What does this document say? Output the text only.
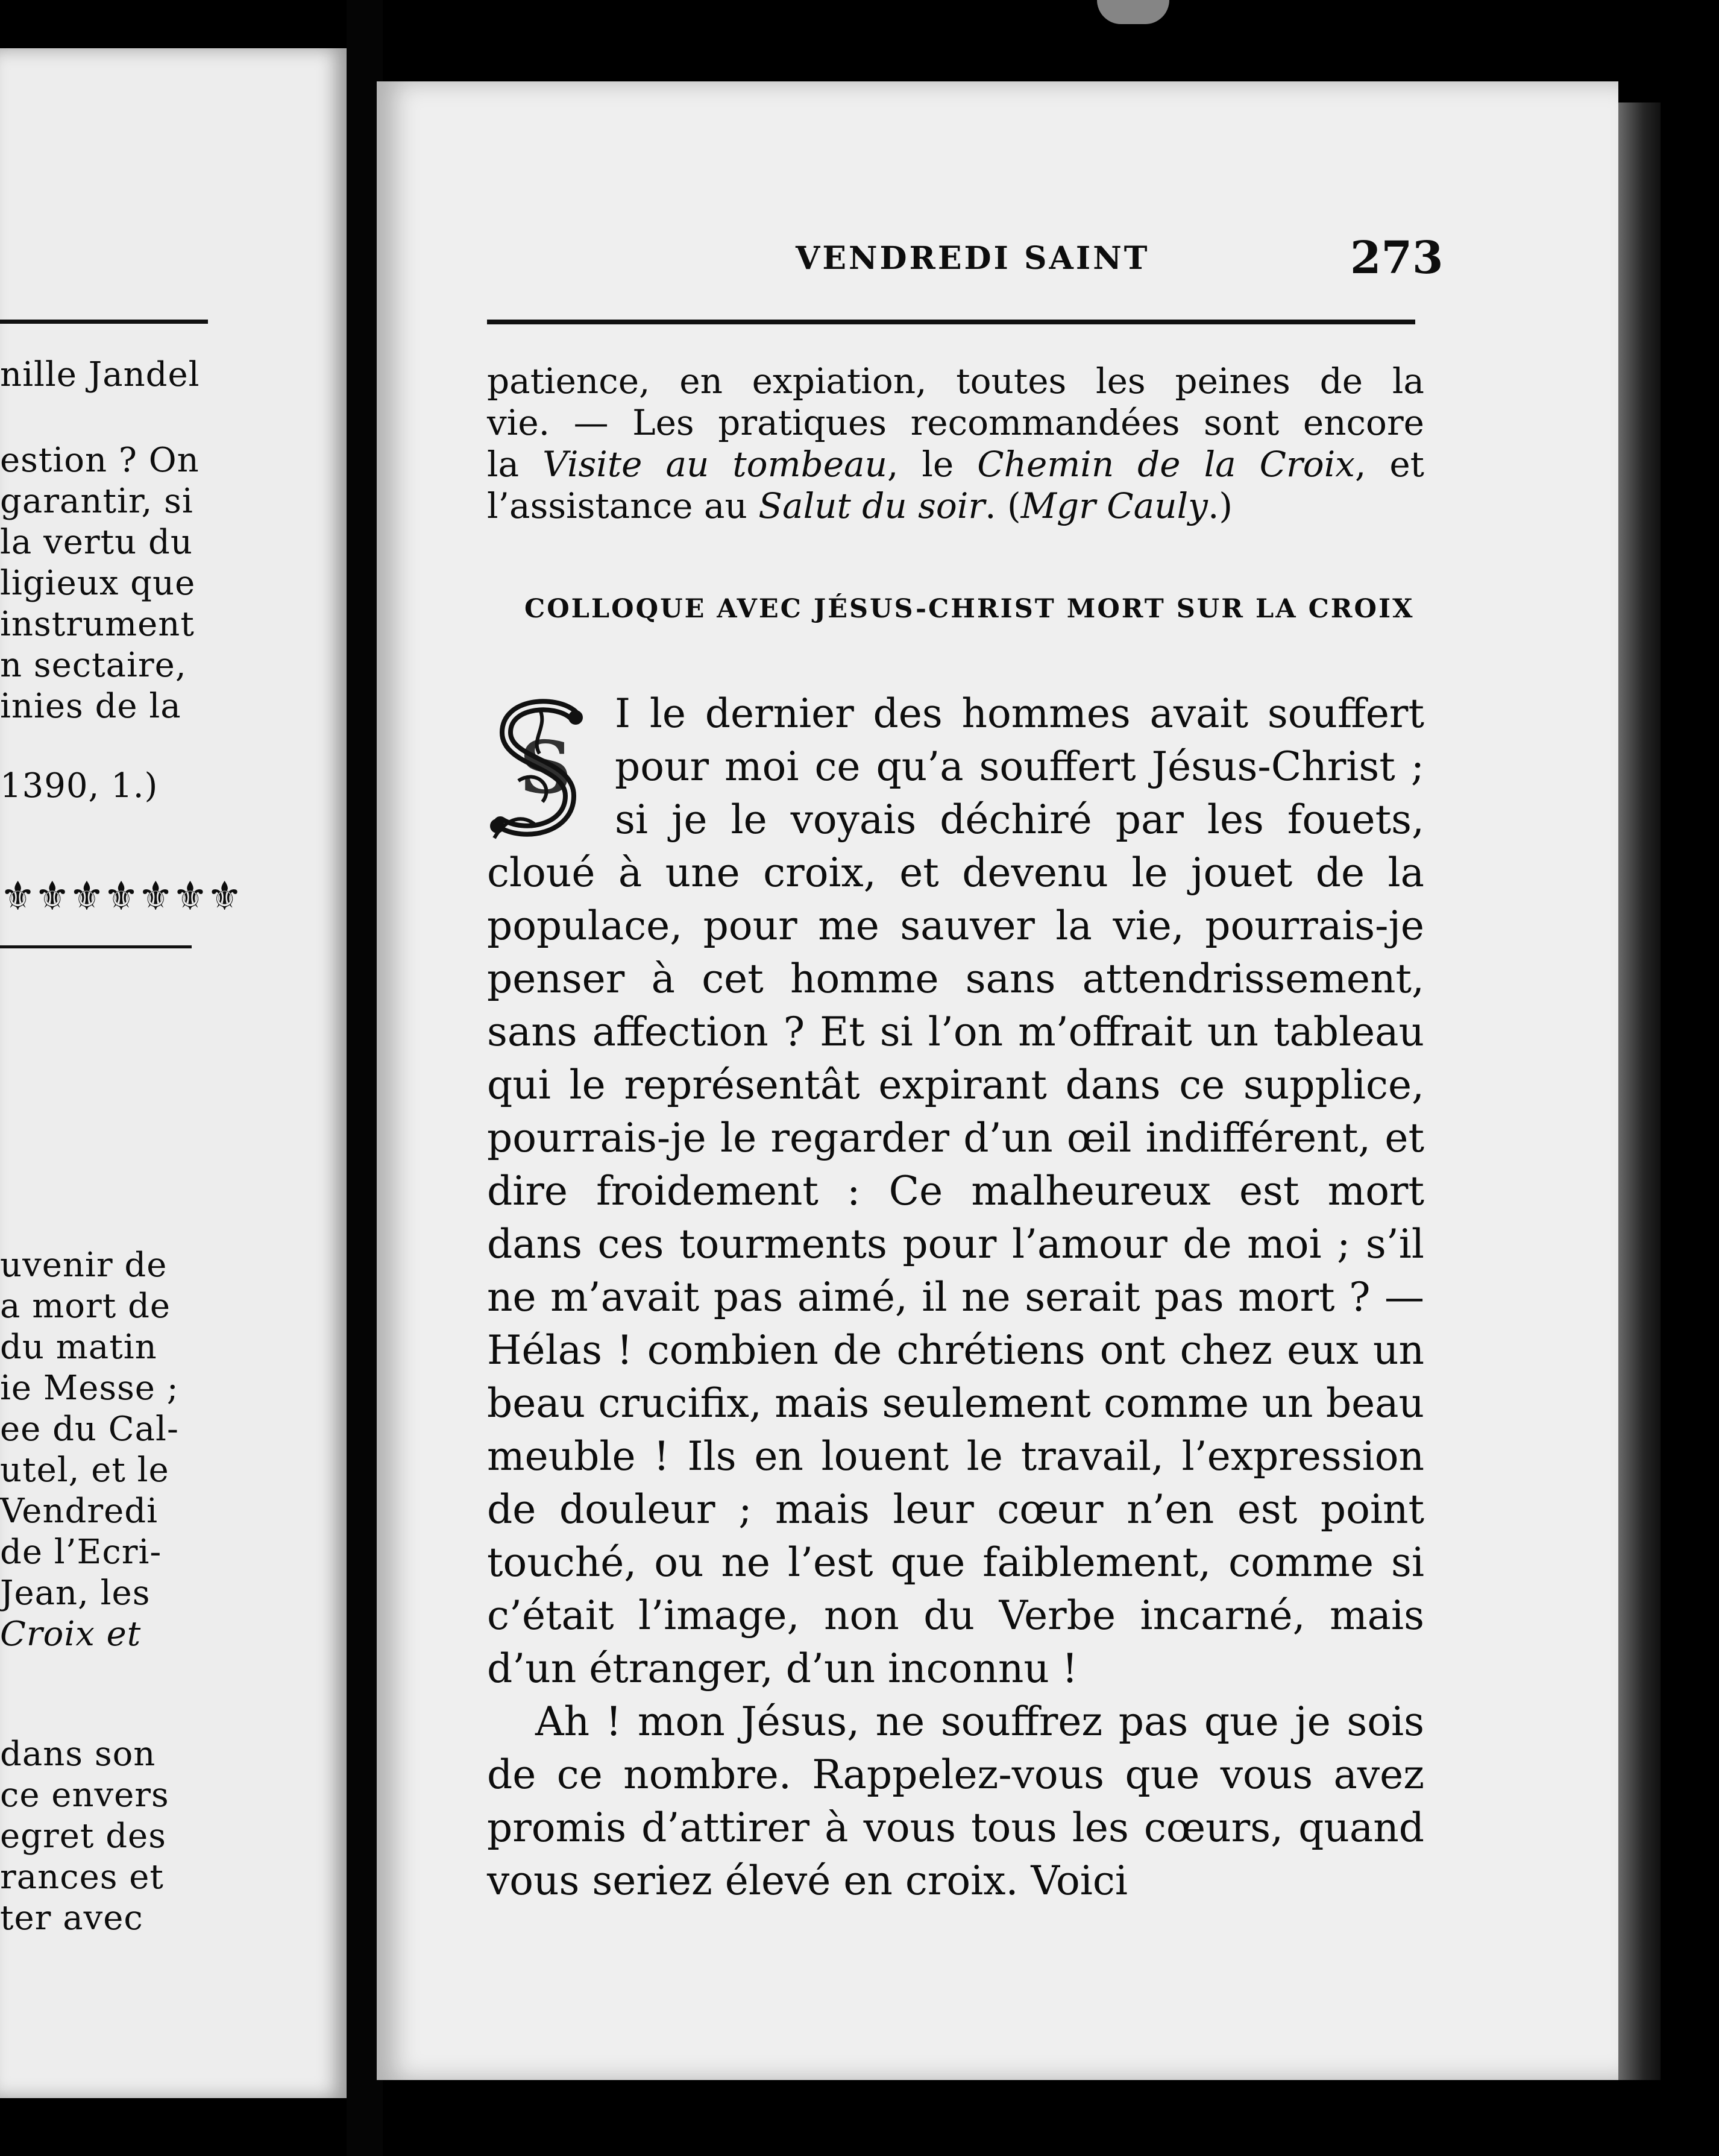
nille Jandel
estion ? On
garantir, si
la vertu du
ligieux que
instrument
n sectaire,
inies de la
1390, 1.)
⚜⚜⚜⚜⚜⚜⚜
uvenir de
a mort de
du matin
ie Messe ;
ee du Cal-
utel, et le
Vendredi
de l’Ecri-
Jean, les
Croix et
dans son
ce envers
egret des
rances et
ter avec
VENDREDI SAINT	273

patience, en expiation, toutes les peines de la

vie. — Les pratiques recommandées sont encore

la Visite au tombeau, le Chemin de la Croix, et

l’assistance au Salut du soir. (Mgr Cauly.)

COLLOQUE AVEC JÉSUS-CHRIST MORT SUR LA CROIX
S

I le dernier des hommes avait souffert

pour moi ce qu’a souffert Jésus-Christ ;

si je le voyais déchiré par les fouets,

cloué à une croix, et devenu le jouet de la populace, pour me sauver la vie, pourrais-je penser à cet homme sans attendrissement, sans affection ? Et si l’on m’offrait un tableau qui le représentât expirant dans ce supplice, pourrais-je le regarder d’un œil indifférent, et dire froidement : Ce malheureux est mort dans ces tourments pour l’amour de moi ; s’il ne m’avait pas aimé, il ne serait pas mort ? — Hélas ! combien de chrétiens ont chez eux un beau crucifix, mais seulement comme un beau meuble ! Ils en louent le travail, l’expression de douleur ; mais leur cœur n’en est point touché, ou ne l’est que faiblement, comme si c’était l’image, non du Verbe incarné, mais d’un étranger, d’un inconnu !

Ah ! mon Jésus, ne souffrez pas que je sois de ce nombre. Rappelez-vous que vous avez promis d’attirer à vous tous les cœurs, quand vous seriez élevé en croix. Voici
